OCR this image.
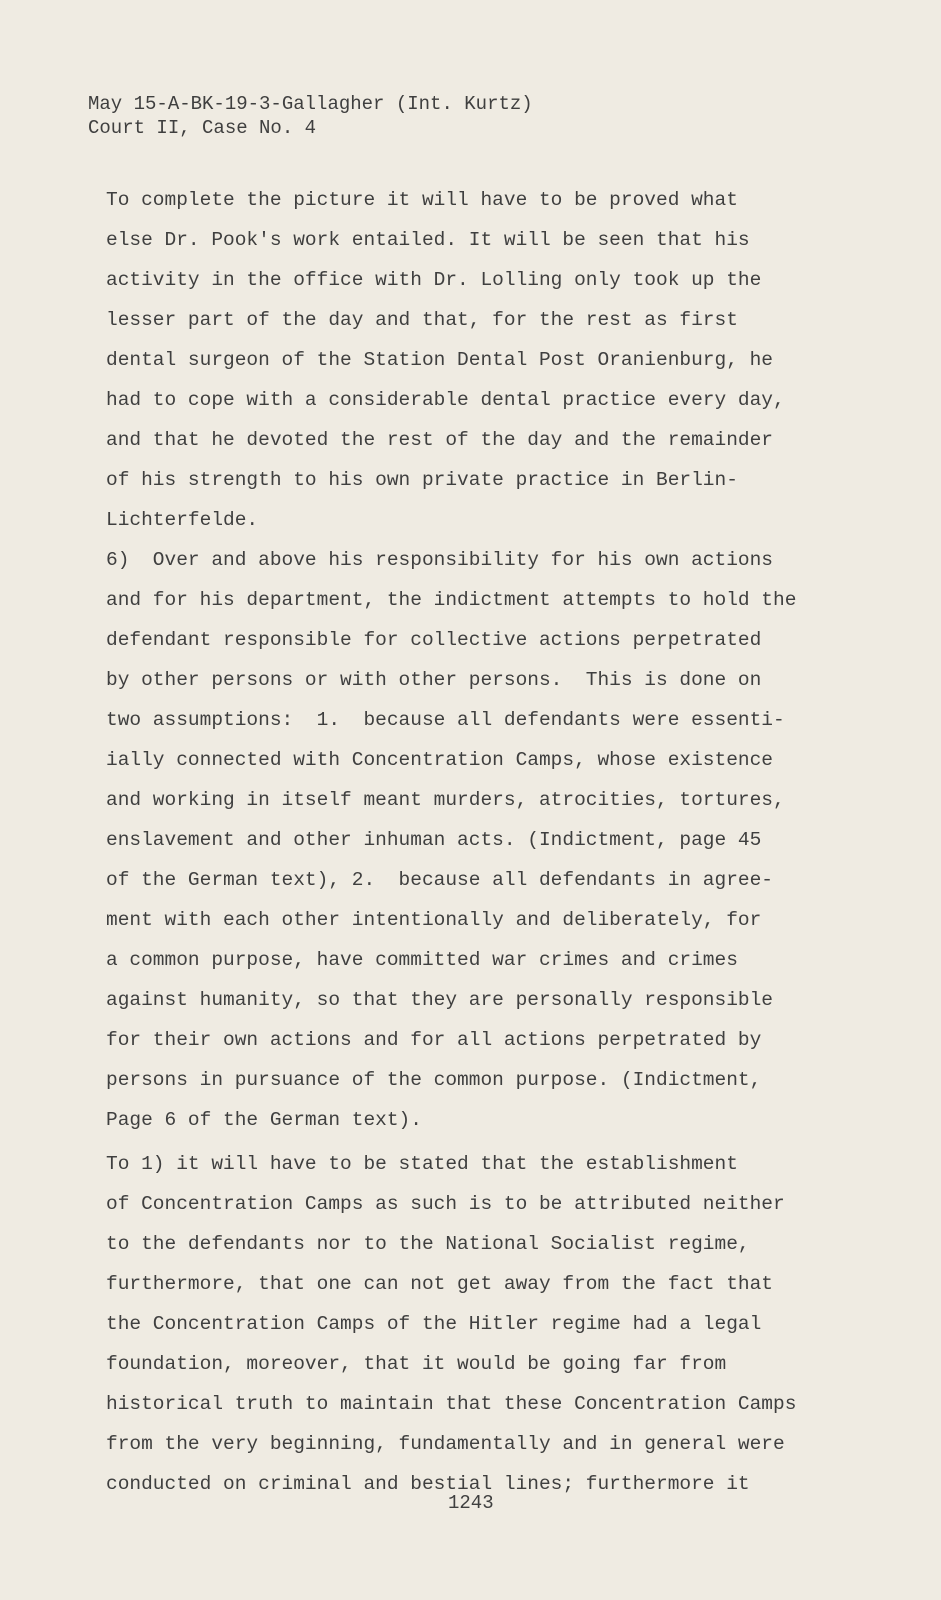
May 15-A-BK-19-3-Gallagher (Int. Kurtz)
Court II, Case No. 4
To complete the picture it will have to be proved what
else Dr. Pook's work entailed. It will be seen that his
activity in the office with Dr. Lolling only took up the
lesser part of the day and that, for the rest as first
dental surgeon of the Station Dental Post Oranienburg, he
had to cope with a considerable dental practice every day,
and that he devoted the rest of the day and the remainder
of his strength to his own private practice in Berlin-
Lichterfelde.
6)  Over and above his responsibility for his own actions
and for his department, the indictment attempts to hold the
defendant responsible for collective actions perpetrated
by other persons or with other persons.  This is done on
two assumptions:  1.  because all defendants were essenti-
ially connected with Concentration Camps, whose existence
and working in itself meant murders, atrocities, tortures,
enslavement and other inhuman acts. (Indictment, page 45
of the German text), 2.  because all defendants in agree-
ment with each other intentionally and deliberately, for
a common purpose, have committed war crimes and crimes
against humanity, so that they are personally responsible
for their own actions and for all actions perpetrated by
persons in pursuance of the common purpose. (Indictment,
Page 6 of the German text).
To 1) it will have to be stated that the establishment
of Concentration Camps as such is to be attributed neither
to the defendants nor to the National Socialist regime,
furthermore, that one can not get away from the fact that
the Concentration Camps of the Hitler regime had a legal
foundation, moreover, that it would be going far from
historical truth to maintain that these Concentration Camps
from the very beginning, fundamentally and in general were
conducted on criminal and bestial lines; furthermore it
1243
